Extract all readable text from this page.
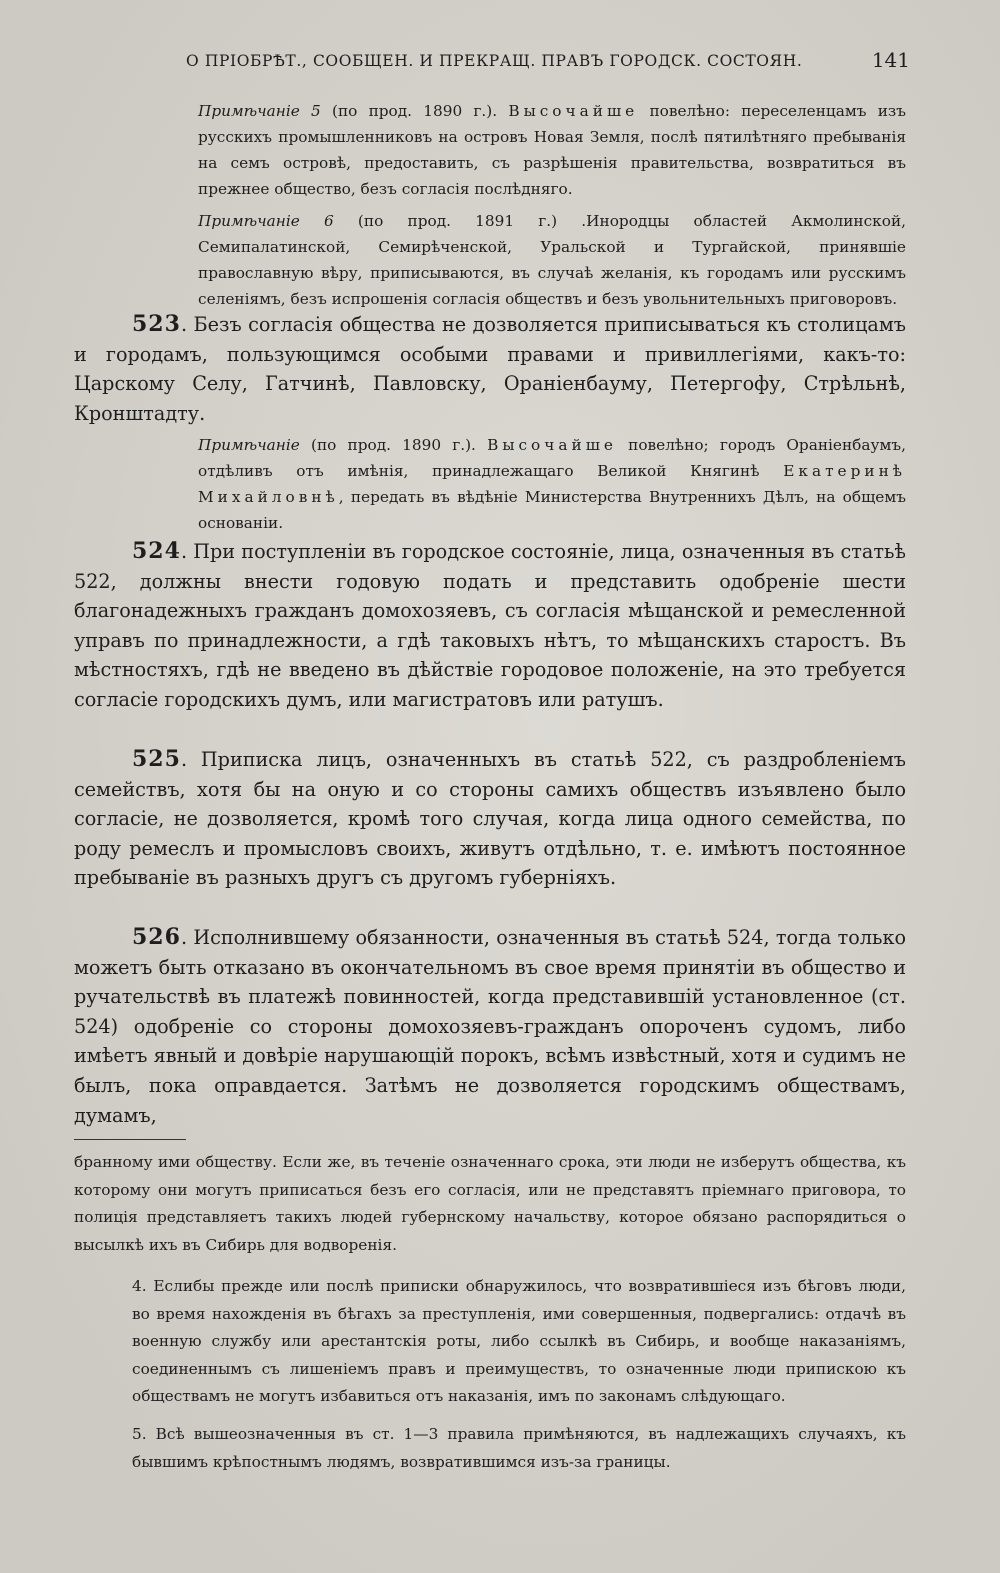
О ПРІОБРѢТ., СООБЩЕН. И ПРЕКРАЩ. ПРАВЪ ГОРОДСК. СОСТОЯН.	141

Примѣчаніе 5 (по прод. 1890 г.). Высочайше повелѣно: переселенцамъ изъ русскихъ промышленниковъ на островъ Новая Земля, послѣ пятилѣтняго пребыванія на семъ островѣ, предоставить, съ разрѣшенія правительства, возвратиться въ прежнее общество, безъ согласія послѣдняго.

Примѣчаніе 6 (по прод. 1891 г.) .Инородцы областей Акмолинской, Семипалатинской, Семирѣченской, Уральской и Тургайской, принявшіе православную вѣру, приписываются, въ случаѣ желанія, къ городамъ или русскимъ селеніямъ, безъ испрошенія согласія обществъ и безъ увольнительныхъ приговоровъ.

523. Безъ согласія общества не дозволяется приписываться къ столицамъ и городамъ, пользующимся особыми правами и привиллегіями, какъ-то: Царскому Селу, Гатчинѣ, Павловску, Ораніенбауму, Петергофу, Стрѣльнѣ, Кронштадту.

Примѣчаніе (по прод. 1890 г.). Высочайше повелѣно; городъ Ораніенбаумъ, отдѣливъ отъ имѣнія, принадлежащаго Великой Княгинѣ Екатеринѣ Михайловнѣ, передать въ вѣдѣніе Министерства Внутреннихъ Дѣлъ, на общемъ основаніи.

524. При поступленіи въ городское состояніе, лица, означенныя въ статьѣ 522, должны внести годовую подать и представить одобреніе шести благонадежныхъ гражданъ домохозяевъ, съ согласія мѣщанской и ремесленной управъ по принадлежности, а гдѣ таковыхъ нѣтъ, то мѣщанскихъ старостъ. Въ мѣстностяхъ, гдѣ не введено въ дѣйствіе городовое положеніе, на это требуется согласіе городскихъ думъ, или магистратовъ или ратушъ.

525. Приписка лицъ, означенныхъ въ статьѣ 522, съ раздробленіемъ семействъ, хотя бы на оную и со стороны самихъ обществъ изъявлено было согласіе, не дозволяется, кромѣ того случая, когда лица одного семейства, по роду ремеслъ и промысловъ своихъ, живутъ отдѣльно, т. е. имѣютъ постоянное пребываніе въ разныхъ другъ съ другомъ губерніяхъ.

526. Исполнившему обязанности, означенныя въ статьѣ 524, тогда только можетъ быть отказано въ окончательномъ въ свое время принятіи въ общество и ручательствѣ въ платежѣ повинностей, когда представившій установленное (ст. 524) одобреніе со стороны домохозяевъ-гражданъ опороченъ судомъ, либо имѣетъ явный и довѣріе нарушающій порокъ, всѣмъ извѣстный, хотя и судимъ не былъ, пока оправдается. Затѣмъ не дозволяется городскимъ обществамъ, думамъ,

бранному ими обществу. Если же, въ теченіе означеннаго срока, эти люди не изберутъ общества, къ которому они могутъ приписаться безъ его согласія, или не представятъ пріемнаго приговора, то полиція представляетъ такихъ людей губернскому начальству, которое обязано распорядиться о высылкѣ ихъ въ Сибирь для водворенія.

4. Еслибы прежде или послѣ приписки обнаружилось, что возвратившіеся изъ бѣговъ люди, во время нахожденія въ бѣгахъ за преступленія, ими совершенныя, подвергались: отдачѣ въ военную службу или арестантскія роты, либо ссылкѣ въ Сибирь, и вообще наказаніямъ, соединеннымъ съ лишеніемъ правъ и преимуществъ, то означенные люди припискою къ обществамъ не могутъ избавиться отъ наказанія, имъ по законамъ слѣдующаго.

5. Всѣ вышеозначенныя въ ст. 1—3 правила примѣняются, въ надлежащихъ случаяхъ, къ бывшимъ крѣпостнымъ людямъ, возвратившимся изъ-за границы.
